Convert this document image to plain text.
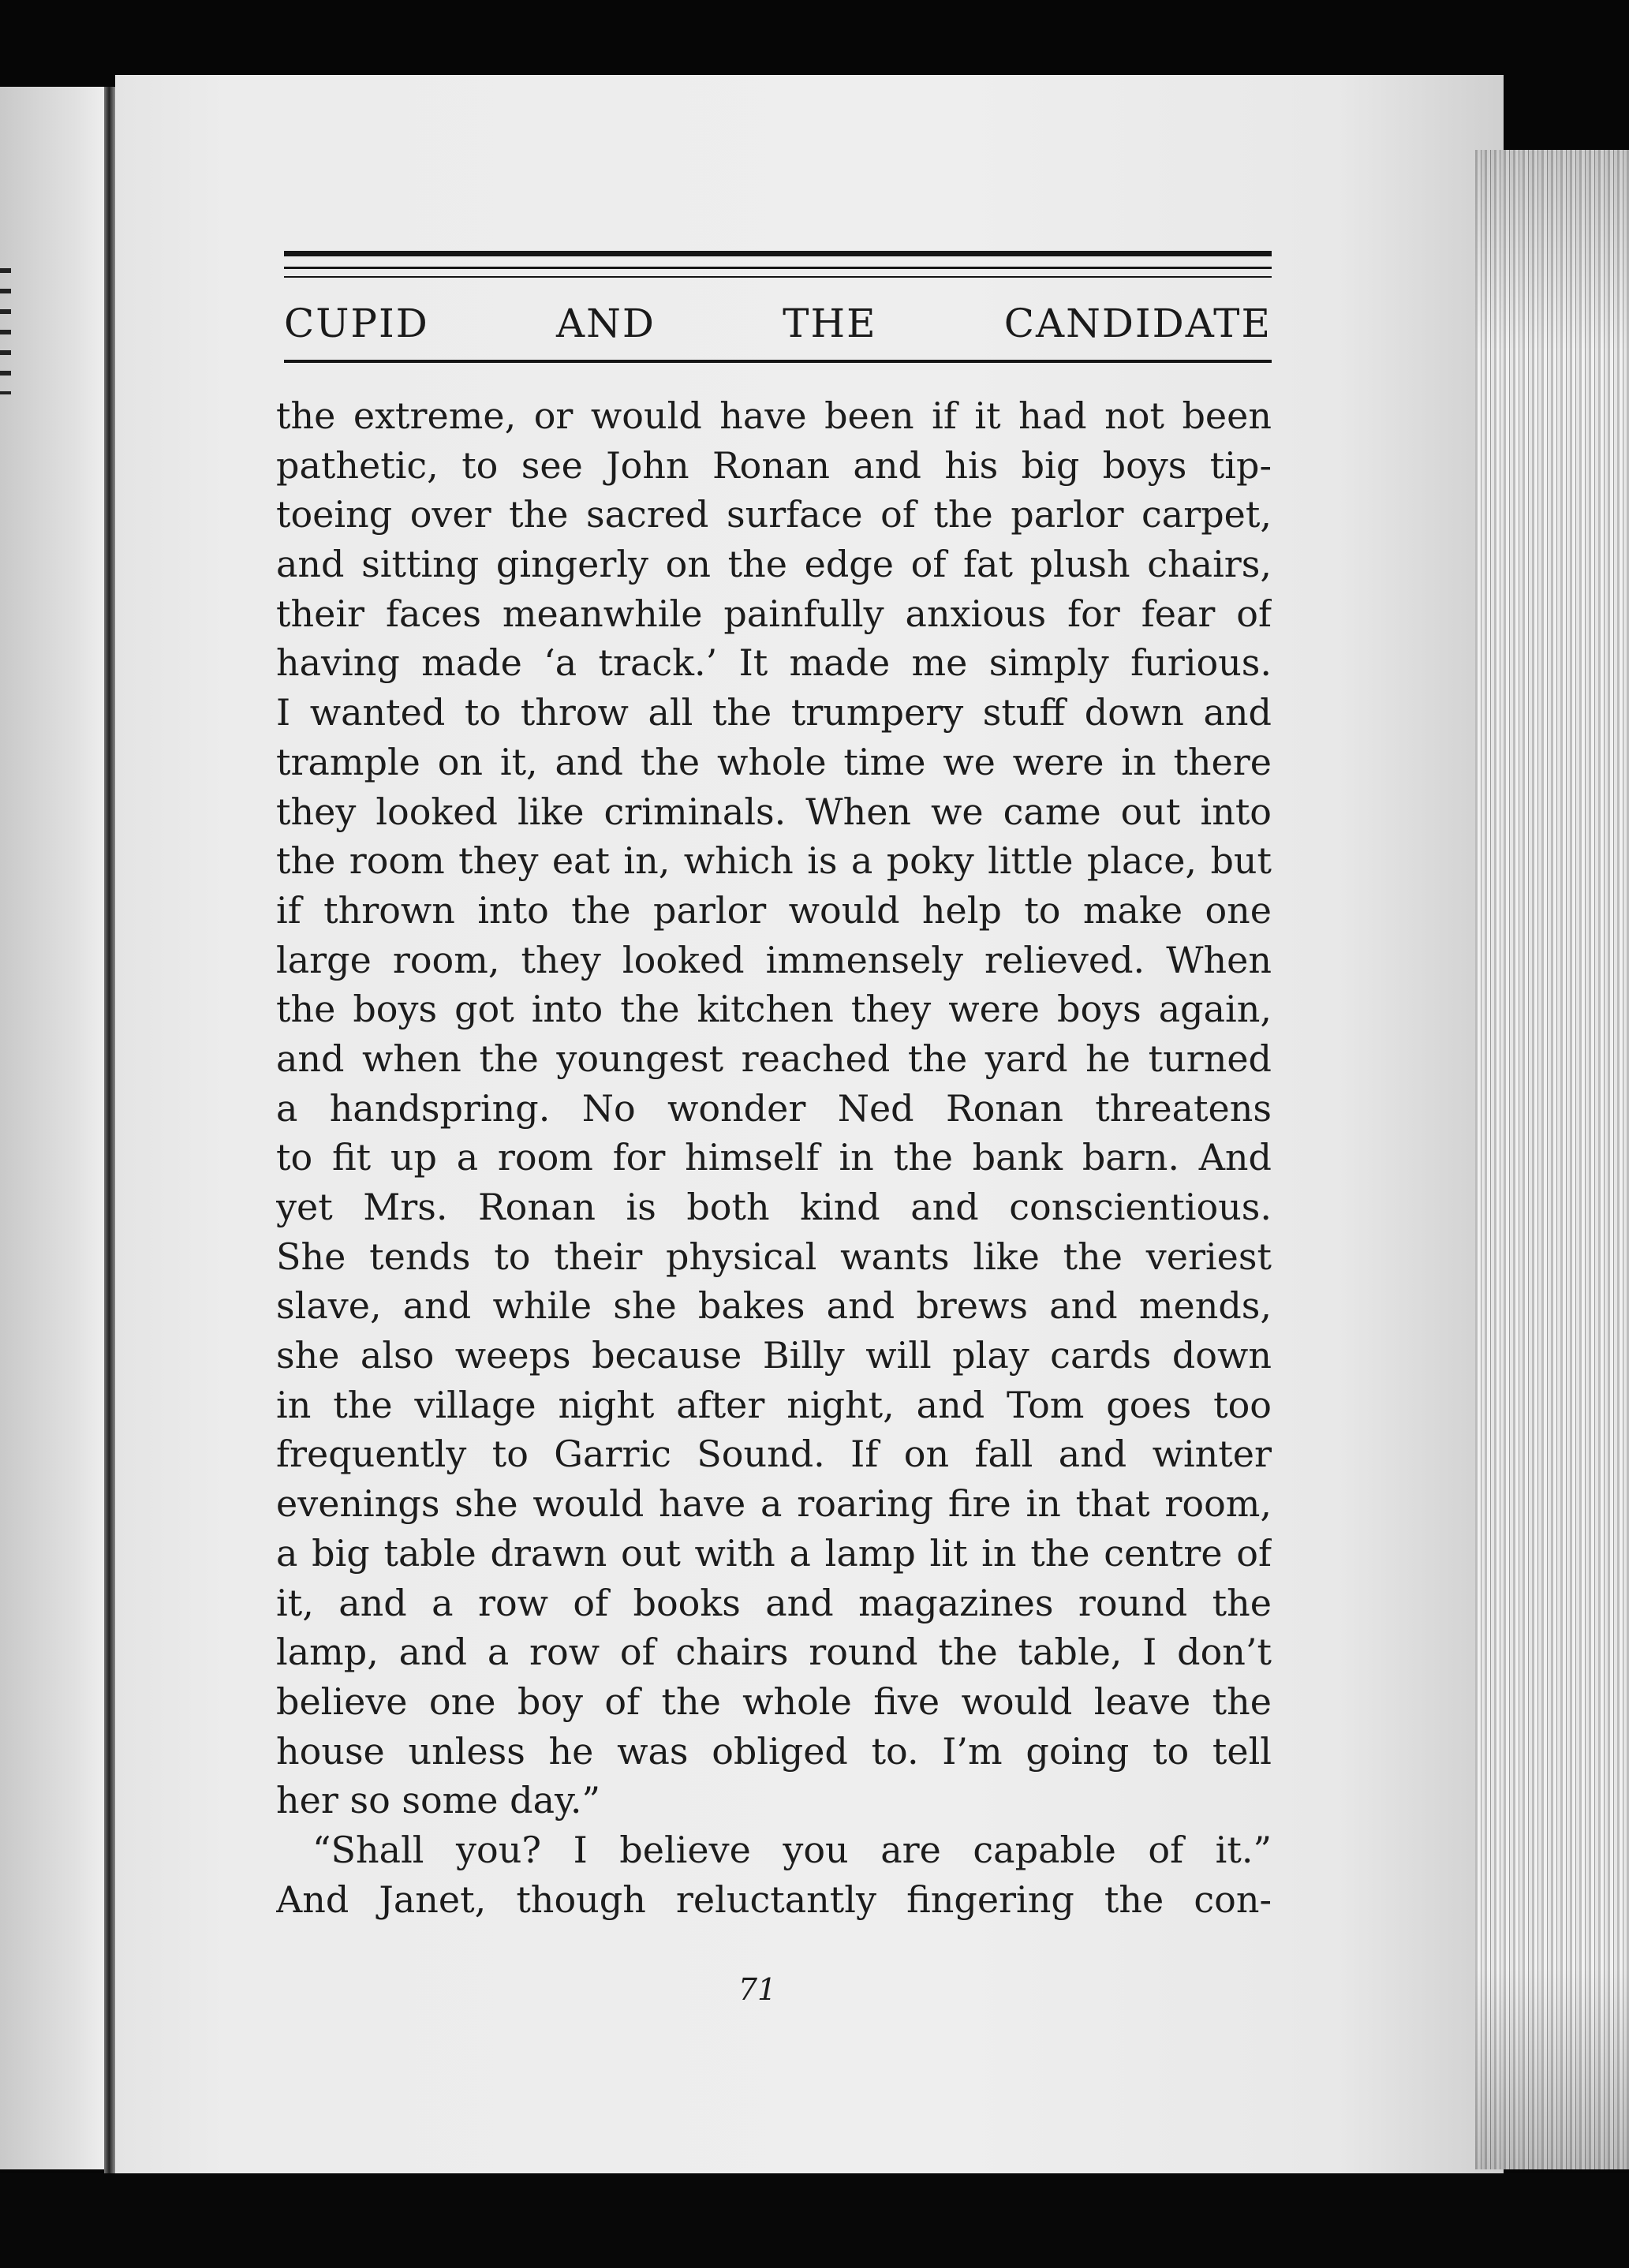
CUPID	AND	THE	CANDIDATE
the extreme, or would have been if it had not been
pathetic, to see John Ronan and his big boys tip-
toeing over the sacred surface of the parlor carpet,
and sitting gingerly on the edge of fat plush chairs,
their faces meanwhile painfully anxious for fear of
having made ‘a track.’ It made me simply furious.
I wanted to throw all the trumpery stuff down and
trample on it, and the whole time we were in there
they looked like criminals. When we came out into
the room they eat in, which is a poky little place, but
if thrown into the parlor would help to make one
large room, they looked immensely relieved. When
the boys got into the kitchen they were boys again,
and when the youngest reached the yard he turned
a handspring. No wonder Ned Ronan threatens
to fit up a room for himself in the bank barn. And
yet Mrs. Ronan is both kind and conscientious.
She tends to their physical wants like the veriest
slave, and while she bakes and brews and mends,
she also weeps because Billy will play cards down
in the village night after night, and Tom goes too
frequently to Garric Sound. If on fall and winter
evenings she would have a roaring fire in that room,
a big table drawn out with a lamp lit in the centre of
it, and a row of books and magazines round the
lamp, and a row of chairs round the table, I don’t
believe one boy of the whole five would leave the
house unless he was obliged to. I’m going to tell
her so some day.”
“Shall you? I believe you are capable of it.”
And Janet, though reluctantly fingering the con-
71
